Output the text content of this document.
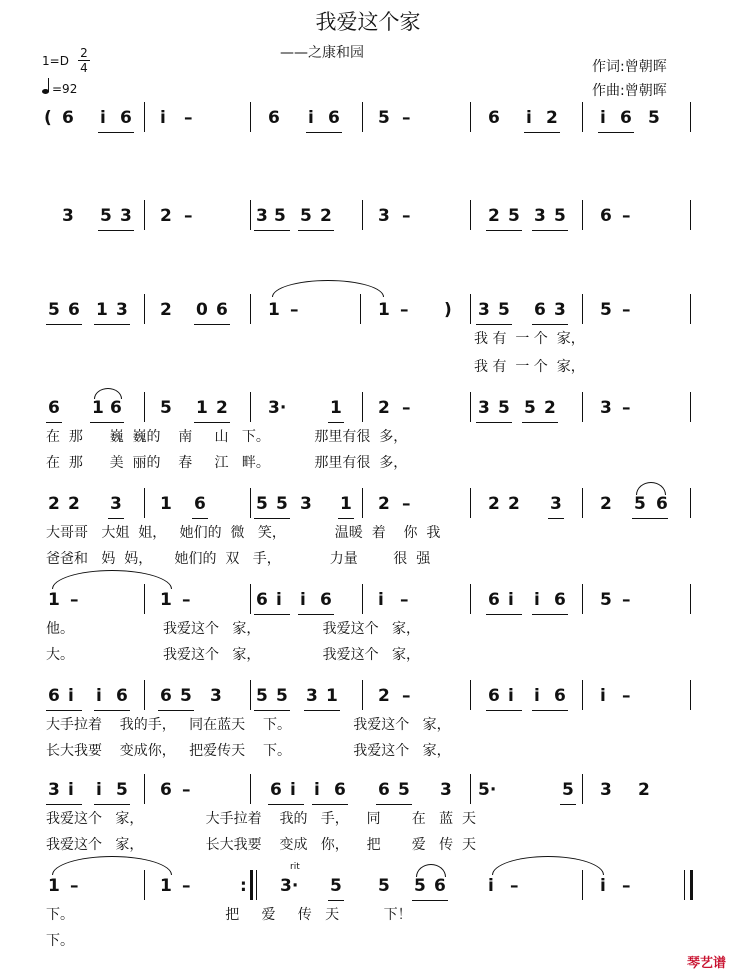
我爱这个家
——之康和园
1=D
2
4
=92
作词:曾朝晖
作曲:曾朝晖
( 6 i 6 i –	6 i 6 5 –	6 i 2 i 6 5
3 5 3 2 –	3 5 5 2	3 –	2 5 3 5 6 –
5 6 1 3 2 0 6 1 –	1 – ) 3 5 6 3 5 –
我 有  一 个  家，
我 有  一 个  家，
6 1 6 5 1 2 3·	1 2 –	3 5 5 2	3 –
在  那      巍  巍的    南     山   下。          那里有很  多，
在  那      美  丽的    春     江   畔。          那里有很  多，
2 2 3 1 6	5 5 3 1 2 –	2 2 3 2 5 6
大哥哥   大姐  姐，   她们的  微   笑，           温暖  着    你  我
爸爸和   妈  妈，     她们的  双   手，           力量        很  强
1 –	1 –	6 i i 6	i –	6 i i 6 5 –
他。                    我爱这个   家，              我爱这个   家，
大。                    我爱这个   家，              我爱这个   家，
6 i i 6 6 5 3 5 5 3 1 2 –	6 i i 6 i –
大手拉着    我的手，   同在蓝天    下。              我爱这个   家，
长大我要    变成你，   把爱传天    下。              我爱这个   家，
3 i i 5 6 –	6 i i 6 6 5 3 5·	5 3 2
我爱这个   家，              大手拉着    我的   手，    同       在   蓝  天
我爱这个   家，              长大我要    变成   你，    把       爱   传  天
rit
1 –	1 –	: 3· 5 5 5 6 i –	i –
下。                                  把     爱     传   天          下！
下。
琴艺谱
